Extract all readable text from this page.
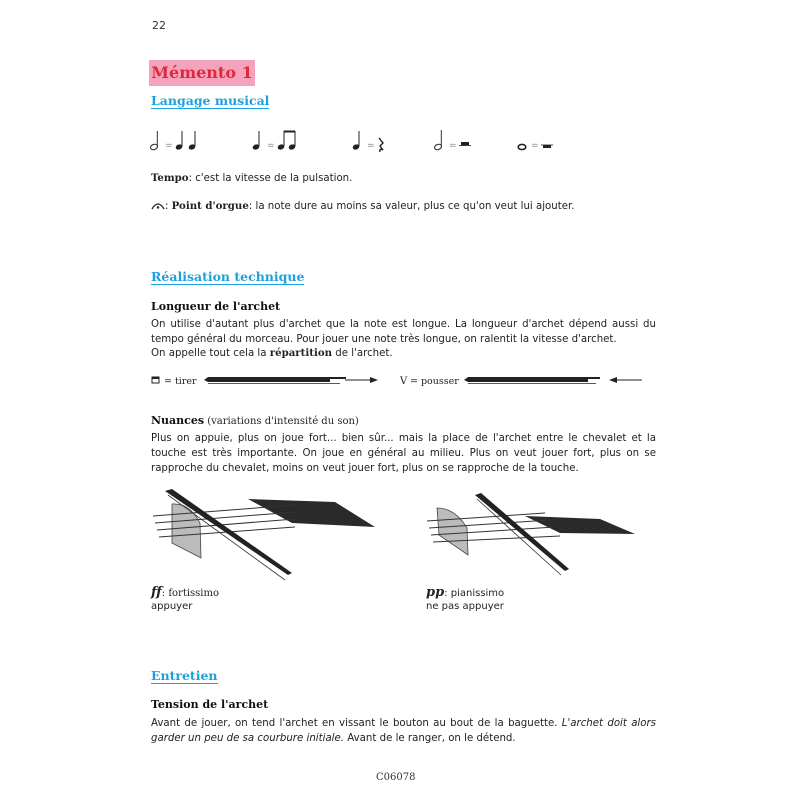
22
Mémento 1
Langage musical
=	=	=	=	=
Tempo: c'est la vitesse de la pulsation.
: Point d'orgue: la note dure au moins sa valeur, plus ce qu'on veut lui ajouter.
Réalisation technique
Longueur de l'archet
On utilise d'autant plus d'archet que la note est longue. La longueur d'archet dépend aussi du tempo général du morceau. Pour jouer une note très longue, on ralentit la vitesse d'archet.
On appelle tout cela la répartition de l'archet.
= tirer	V = pousser
Nuances (variations d'intensité du son)
Plus on appuie, plus on joue fort... bien sûr... mais la place de l'archet entre le chevalet et la touche est très importante. On joue en général au milieu. Plus on veut jouer fort, plus on se rapproche du chevalet, moins on veut jouer fort, plus on se rapproche de la touche.
ff: fortissimo
appuyer
pp: pianissimo
ne pas appuyer
Entretien
Tension de l'archet
Avant de jouer, on tend l'archet en vissant le bouton au bout de la baguette. L'archet doit alors garder un peu de sa courbure initiale. Avant de le ranger, on le détend.
C06078
